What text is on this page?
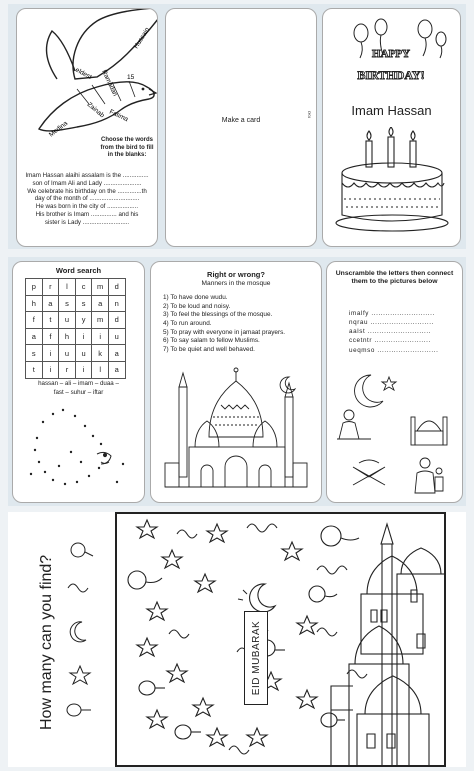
Hussain
15
eldest Ramadan
Zainab Fatima
Medina
Choose the words from the bird to fill in the blanks:
Imam Hassan alaihi assalam is the ...............
son of Imam Ali and Lady ......................
We celebrate his birthday on the ..............th
day of the month of .............................
He was born in the city of ..................
His brother is Imam ............... and his
sister is Lady ...........................
Make a card
fold
HAPPY
BIRTHDAY!
Imam Hassan
Word search
p	r	l	c	m	d
h	a	s	s	a	n
f	t	u	y	m	d
a	f	h	i	i	u
s	i	u	u	k	a
t	i	r	i	l	a
hassan – ali – imam – duaa –
fast – suhur – iftar
Right or wrong?
Manners in the mosque
1) To have done wudu.
2) To be loud and noisy.
3) To feel the blessings of the mosque.
4) To run around.
5) To pray with everyone in jamaat prayers.
6) To say salam to fellow Muslims.
7) To be quiet and well behaved.
Unscramble the letters then connect them to the pictures below
imalfy ...........................
nqrau ...........................
aalst ...........................
ccetntr ........................
ueqmso ..........................
How many can you find?	EID MUBARAK
